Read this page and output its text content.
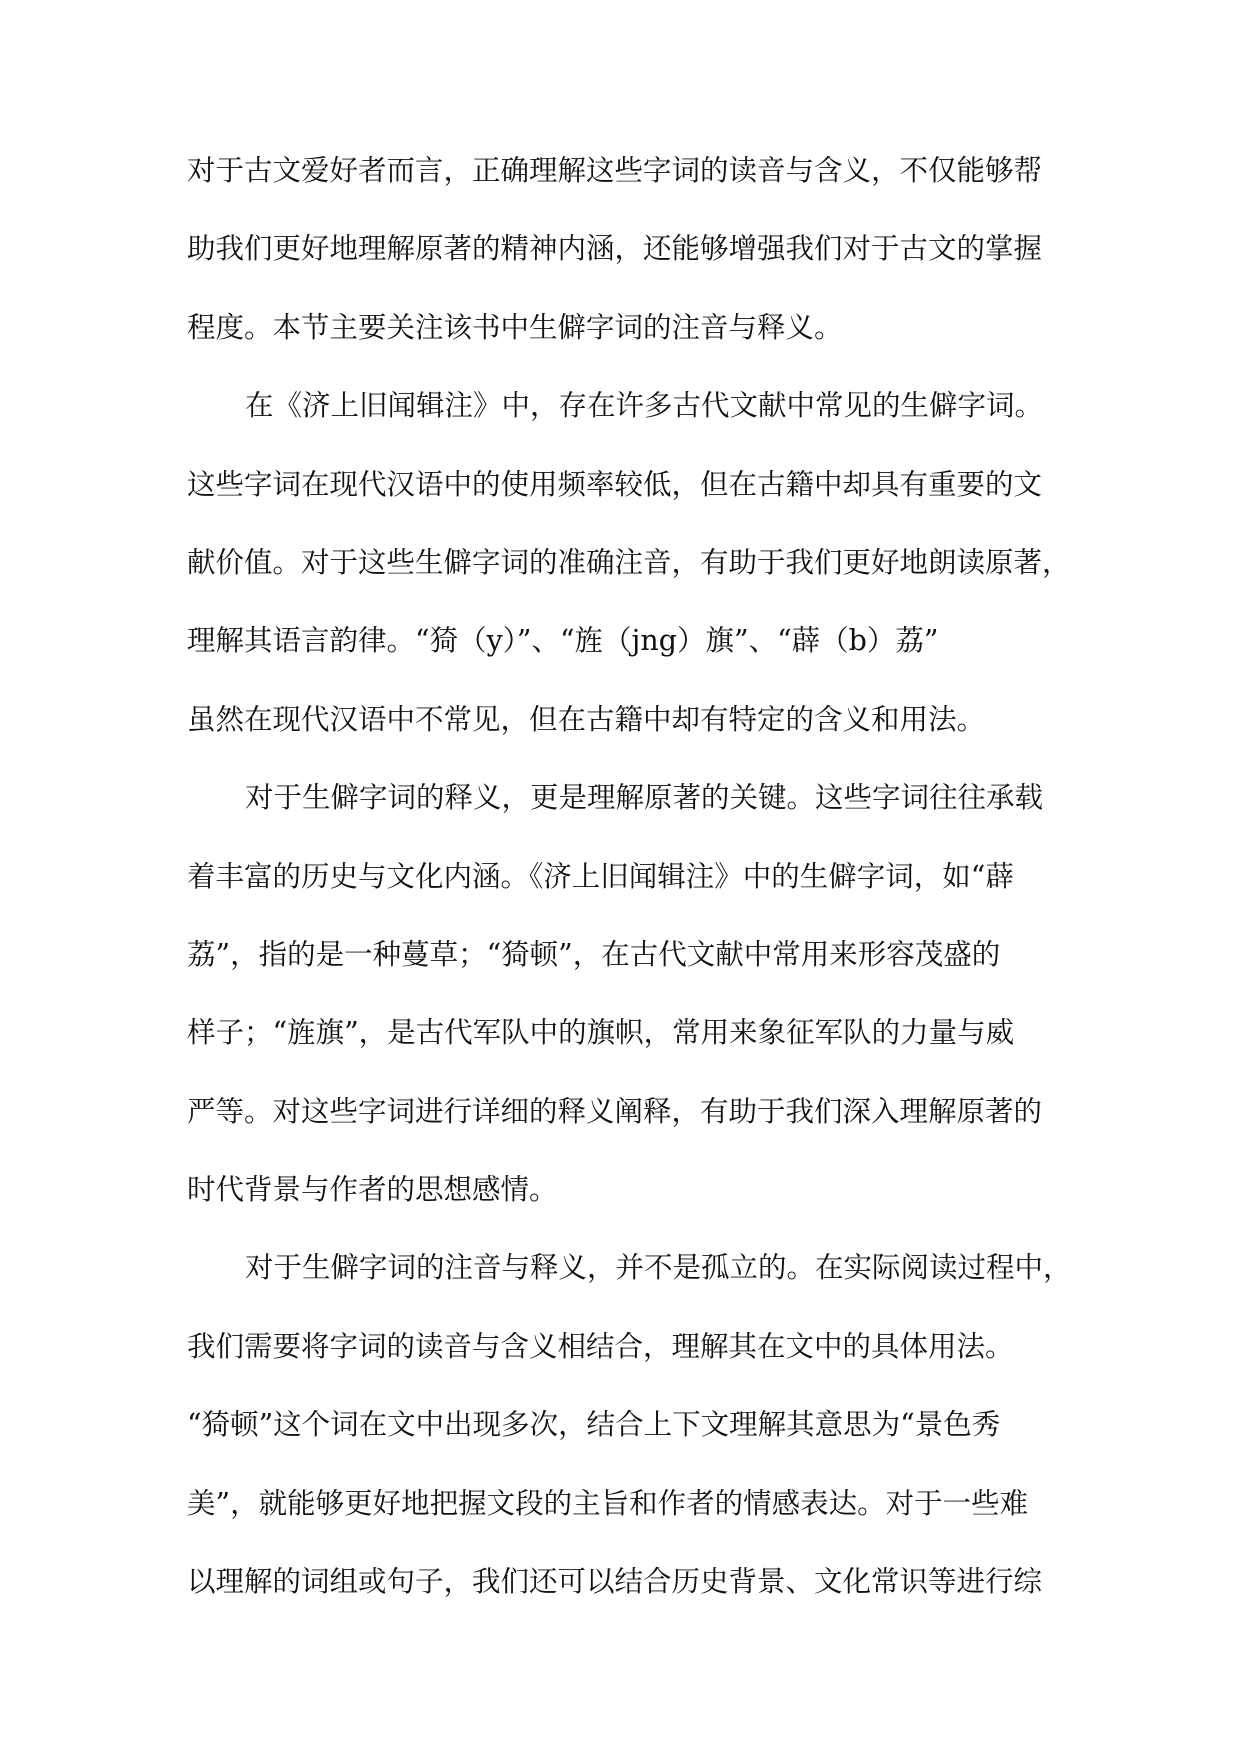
对于古文爱好者而言，正确理解这些字词的读音与含义，不仅能够帮
助我们更好地理解原著的精神内涵，还能够增强我们对于古文的掌握
程度。本节主要关注该书中生僻字词的注音与释义。
在《济上旧闻辑注》中，存在许多古代文献中常见的生僻字词。
这些字词在现代汉语中的使用频率较低，但在古籍中却具有重要的文
献价值。对于这些生僻字词的准确注音，有助于我们更好地朗读原著，
理解其语言韵律。“猗（y）”、“旌（jng）旗”、“薜（b）荔”
虽然在现代汉语中不常见，但在古籍中却有特定的含义和用法。
对于生僻字词的释义，更是理解原著的关键。这些字词往往承载
着丰富的历史与文化内涵。《济上旧闻辑注》中的生僻字词，如“薜
荔”，指的是一种蔓草；“猗顿”，在古代文献中常用来形容茂盛的
样子；“旌旗”，是古代军队中的旗帜，常用来象征军队的力量与威
严等。对这些字词进行详细的释义阐释，有助于我们深入理解原著的
时代背景与作者的思想感情。
对于生僻字词的注音与释义，并不是孤立的。在实际阅读过程中，
我们需要将字词的读音与含义相结合，理解其在文中的具体用法。
“猗顿”这个词在文中出现多次，结合上下文理解其意思为“景色秀
美”，就能够更好地把握文段的主旨和作者的情感表达。对于一些难
以理解的词组或句子，我们还可以结合历史背景、文化常识等进行综
